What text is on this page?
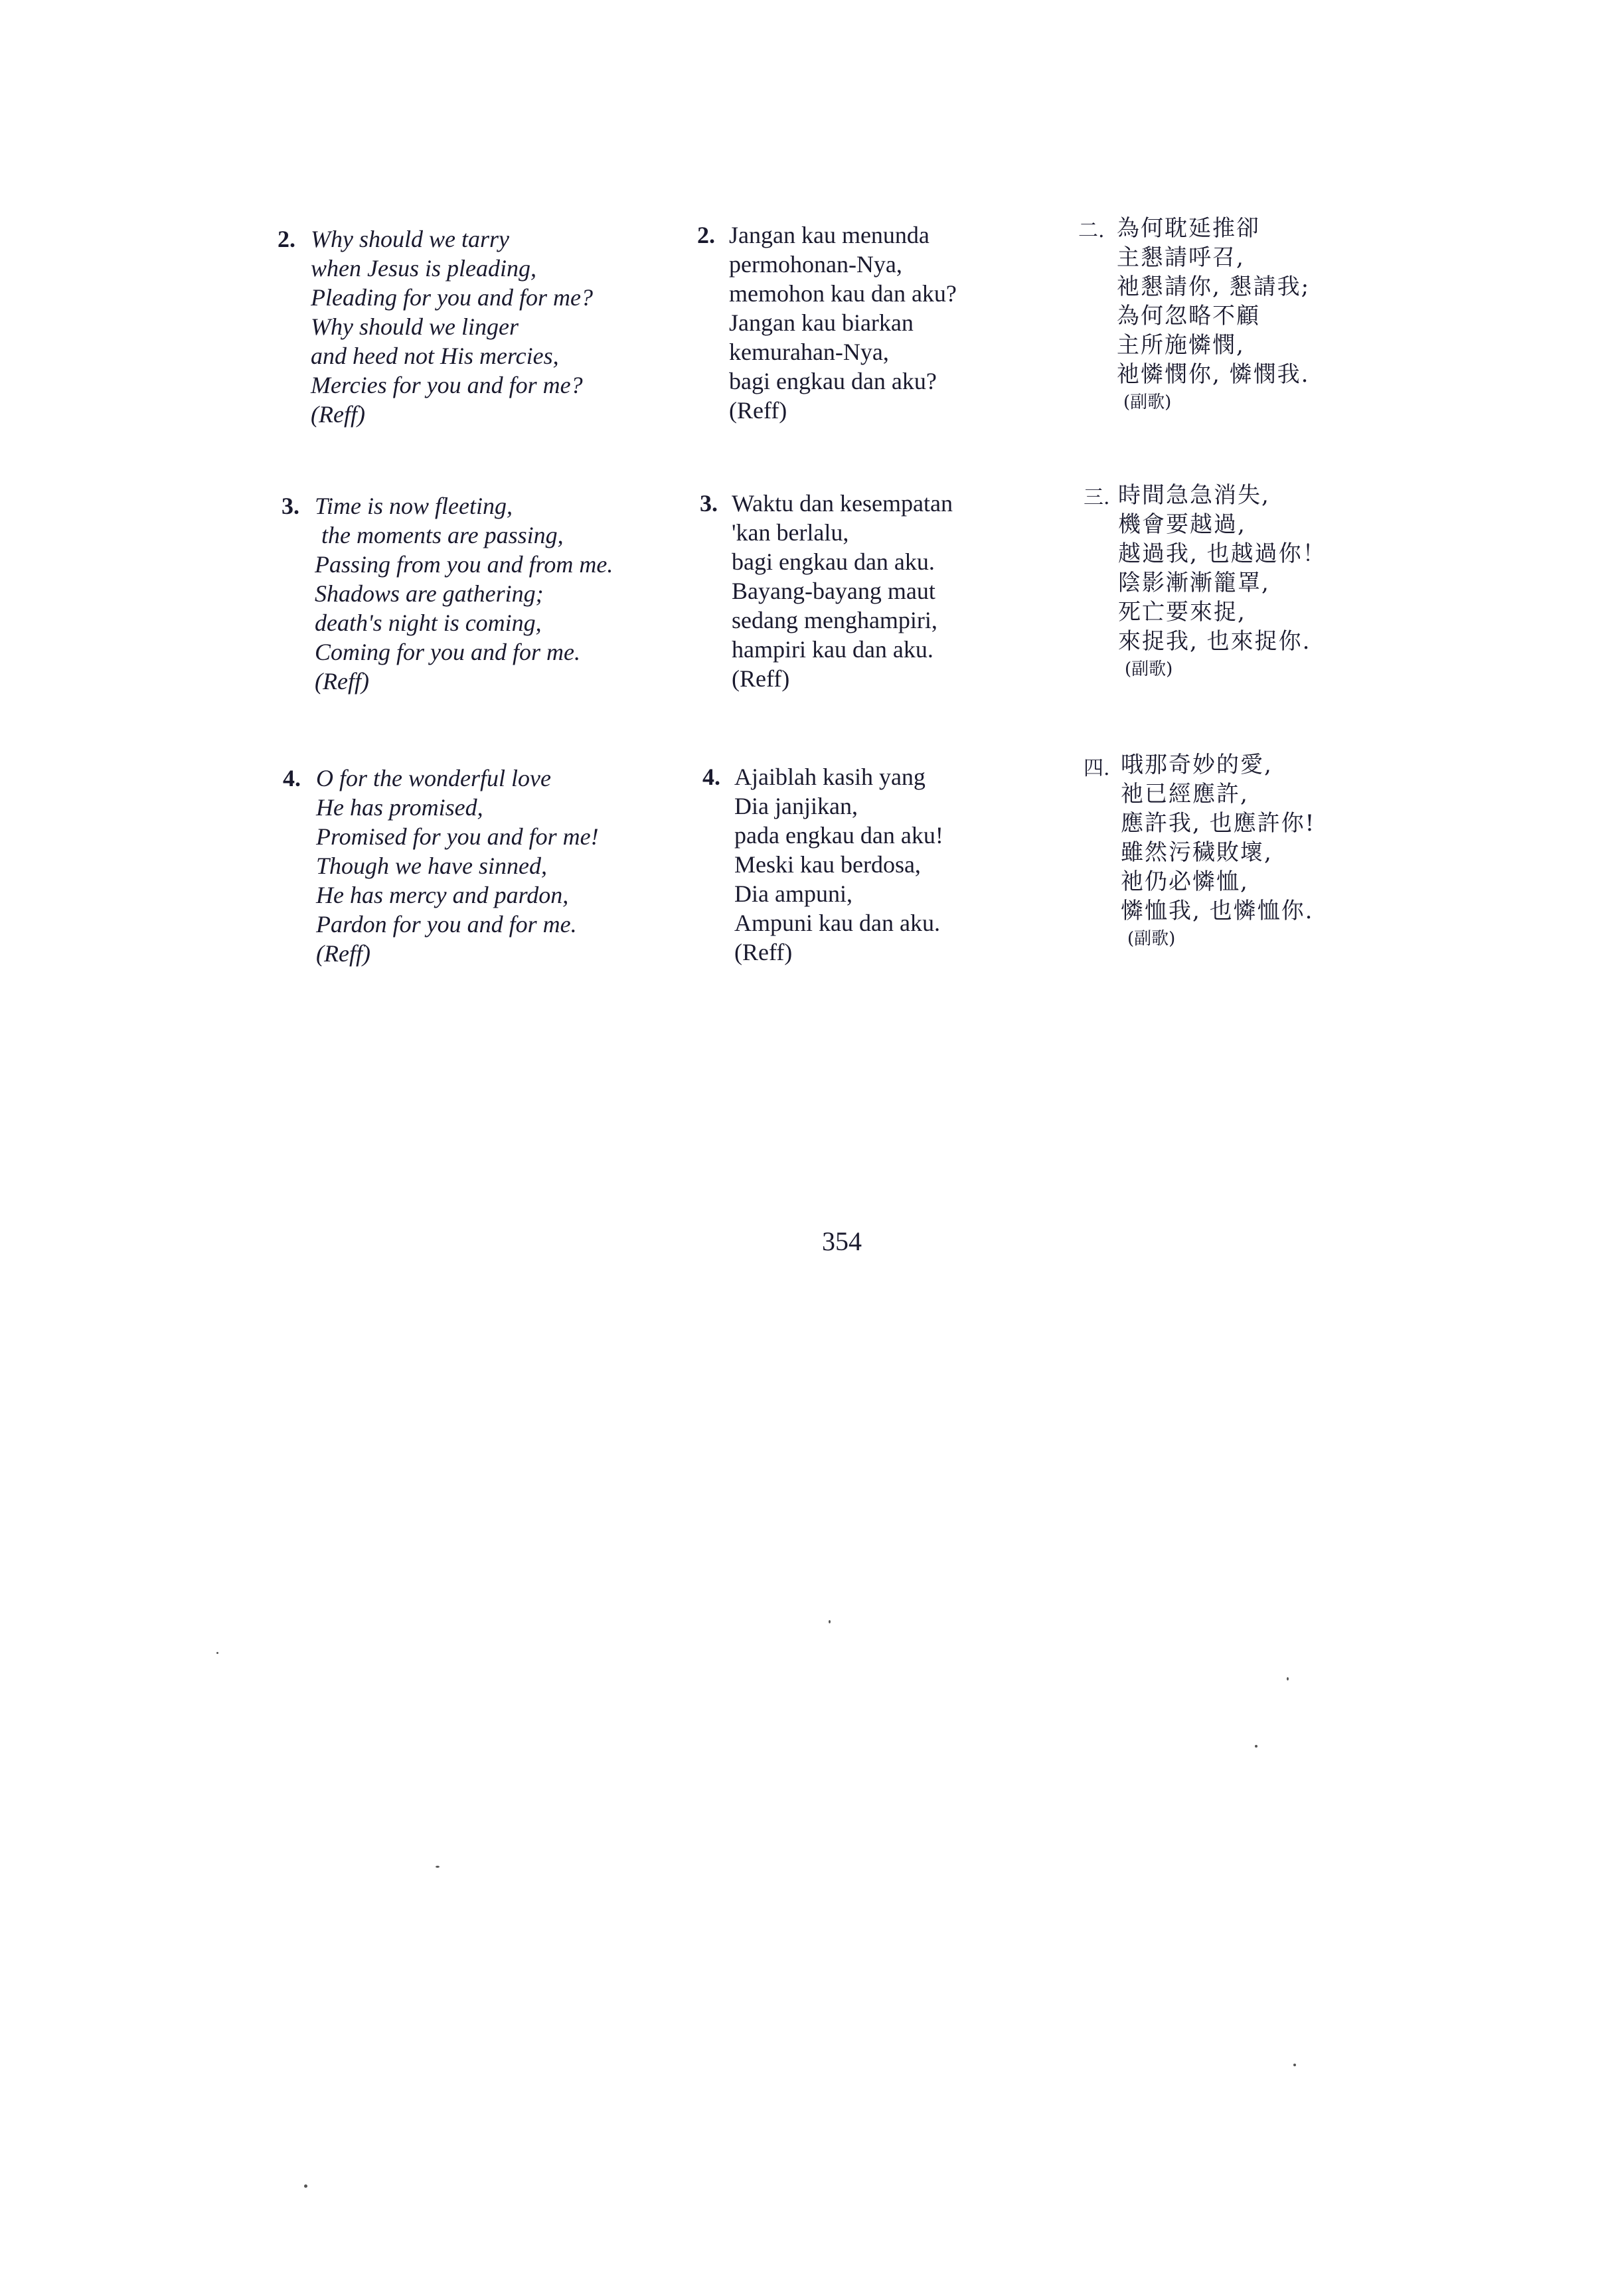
2. Why should we tarry
when Jesus is pleading,
Pleading for you and for me?
Why should we linger
and heed not His mercies,
Mercies for you and for me?
(Reff)
3. Time is now fleeting,
the moments are passing,
Passing from you and from me.
Shadows are gathering;
death's night is coming,
Coming for you and for me.
(Reff)
4. O for the wonderful love
He has promised,
Promised for you and for me!
Though we have sinned,
He has mercy and pardon,
Pardon for you and for me.
(Reff)
2. Jangan kau menunda
permohonan-Nya,
memohon kau dan aku?
Jangan kau biarkan
kemurahan-Nya,
bagi engkau dan aku?
(Reff)
3. Waktu dan kesempatan
'kan berlalu,
bagi engkau dan aku.
Bayang-bayang maut
sedang menghampiri,
hampiri kau dan aku.
(Reff)
4. Ajaiblah kasih yang
Dia janjikan,
pada engkau dan aku!
Meski kau berdosa,
Dia ampuni,
Ampuni kau dan aku.
(Reff)
二. 為何耽延推卻
主懇請呼召,
祂懇請你, 懇請我;
為何忽略不顧
主所施憐憫,
祂憐憫你, 憐憫我.
(副歌)
三. 時間急急消失,
機會要越過,
越過我, 也越過你！
陰影漸漸籠罩,
死亡要來捉,
來捉我, 也來捉你.
(副歌)
四. 哦那奇妙的愛,
祂已經應許,
應許我, 也應許你!
雖然污穢敗壞,
祂仍必憐恤,
憐恤我, 也憐恤你.
(副歌)
354
